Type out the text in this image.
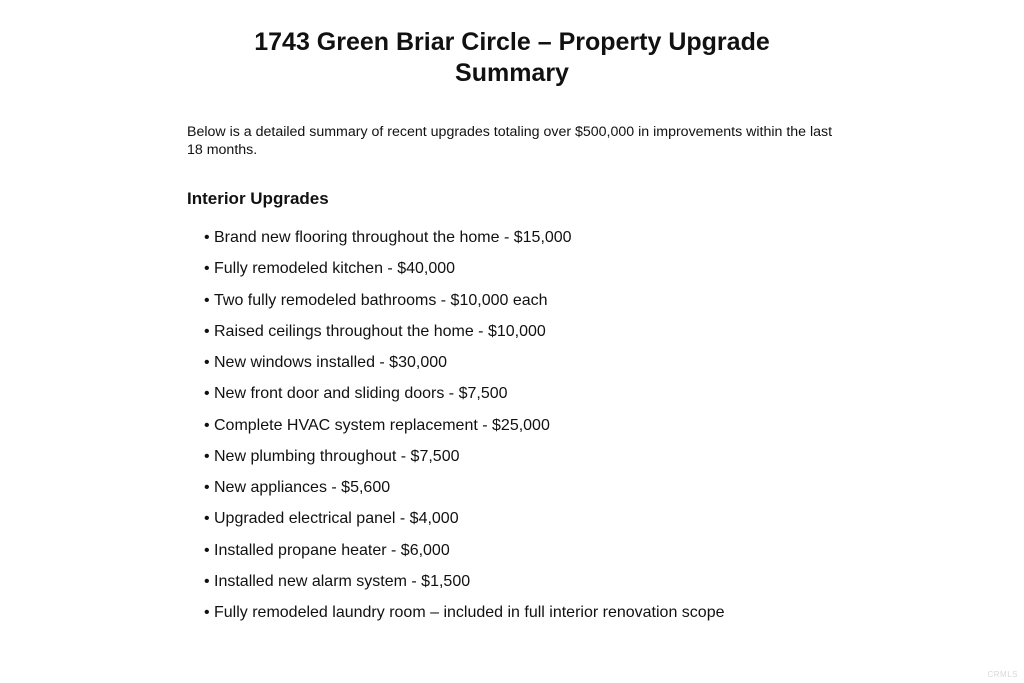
1743 Green Briar Circle – Property Upgrade
Summary

Below is a detailed summary of recent upgrades totaling over $500,000 in improvements within the last
18 months.

Interior Upgrades
• Brand new flooring throughout the home - $15,000
• Fully remodeled kitchen - $40,000
• Two fully remodeled bathrooms - $10,000 each
• Raised ceilings throughout the home - $10,000
• New windows installed - $30,000
• New front door and sliding doors - $7,500
• Complete HVAC system replacement - $25,000
• New plumbing throughout - $7,500
• New appliances - $5,600
• Upgraded electrical panel - $4,000
• Installed propane heater - $6,000
• Installed new alarm system - $1,500
• Fully remodeled laundry room – included in full interior renovation scope
CRMLS
